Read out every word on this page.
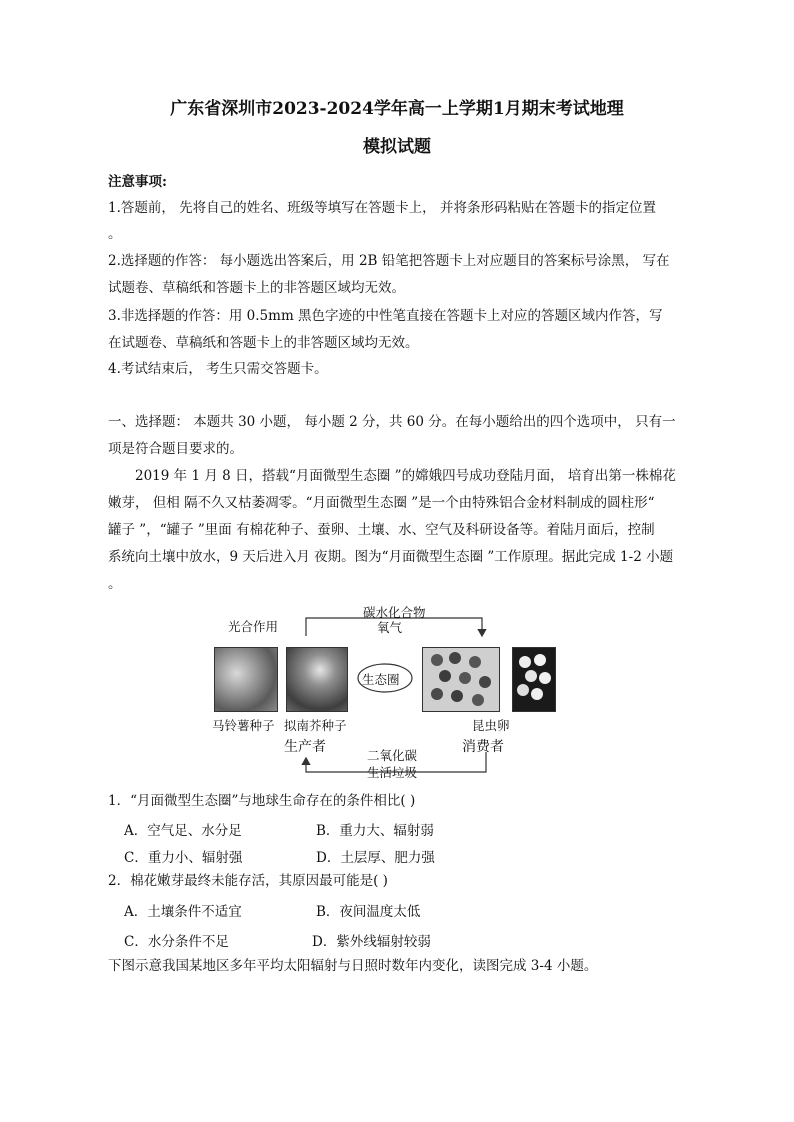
广东省深圳市2023-2024学年高一上学期1月期末考试地理
模拟试题
注意事项:
1.答题前， 先将自己的姓名、班级等填写在答题卡上， 并将条形码粘贴在答题卡的指定位置
。
2.选择题的作答： 每小题选出答案后，用 2B 铅笔把答题卡上对应题目的答案标号涂黑， 写在
试题卷、草稿纸和答题卡上的非答题区域均无效。
3.非选择题的作答：用 0.5mm 黑色字迹的中性笔直接在答题卡上对应的答题区域内作答，写
在试题卷、草稿纸和答题卡上的非答题区域均无效。
4.考试结束后， 考生只需交答题卡。
一、选择题： 本题共 30 小题， 每小题 2 分，共 60 分。在每小题给出的四个选项中， 只有一
项是符合题目要求的。
2019 年 1 月 8 日，搭载“月面微型生态圈 ”的嫦娥四号成功登陆月面， 培育出第一株棉花
嫩芽， 但相 隔不久又枯萎凋零。“月面微型生态圈 ”是一个由特殊铝合金材料制成的圆柱形“
罐子 ”，“罐子 ”里面 有棉花种子、蚕卵、土壤、水、空气及科研设备等。着陆月面后，控制
系统向土壤中放水，9 天后进入月 夜期。图为“月面微型生态圈 ”工作原理。据此完成 1-2 小题
。
光合作用
碳水化合物
氧气
生态圈
马铃薯种子 拟南芥种子	昆虫卵
生产者	消费者
二氧化碳
生活垃圾
1．“月面微型生态圈”与地球生命存在的条件相比( )
A．空气足、水分足	B．重力大、辐射弱
C．重力小、辐射强	D．土层厚、肥力强
2．棉花嫩芽最终未能存活，其原因最可能是( )
A．土壤条件不适宜	B．夜间温度太低
C．水分条件不足	D．紫外线辐射较弱
下图示意我国某地区多年平均太阳辐射与日照时数年内变化，读图完成 3-4 小题。
